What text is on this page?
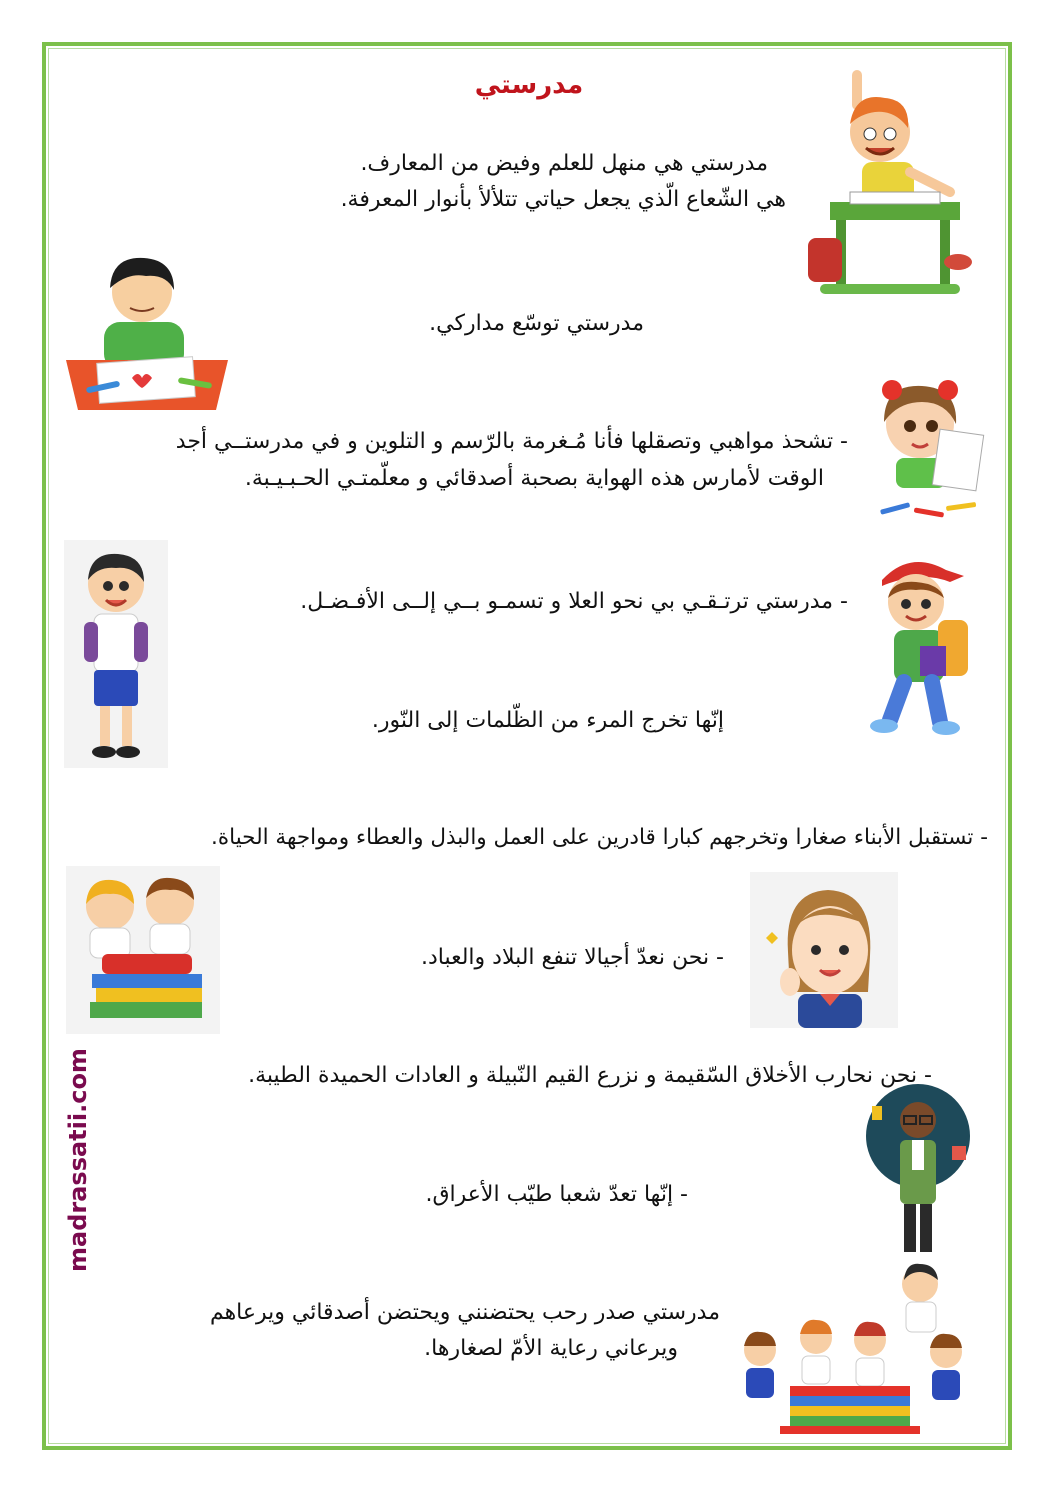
مدرستي
مدرستي هي منهل للعلم وفيض من المعارف.
هي الشّعاع الّذي يجعل حياتي تتلألأ بأنوار المعرفة.
مدرستي توسّع مداركي.
- تشحذ مواهبي وتصقلها فأنا مُـغرمة بالرّسم و التلوين و في مدرستــي أجد
الوقت لأمارس هذه الهواية بصحبة أصدقائي و معلّمتـي الحـبـيـبة.
- مدرستي ترتـقـي بي نحو العلا و تسمـو بــي إلــى الأفـضـل.
إنّها تخرج المرء من الظّلمات إلى النّور.
- تستقبل الأبناء صغارا وتخرجهم كبارا قادرين على العمل والبذل والعطاء ومواجهة الحياة.
- نحن نعدّ أجيالا تنفع البلاد والعباد.
- نحن نحارب الأخلاق السّقيمة و نزرع القيم النّبيلة و العادات الحميدة الطيبة.
- إنّها تعدّ شعبا طيّب الأعراق.
مدرستي صدر رحب يحتضنني ويحتضن أصدقائي ويرعاهم
ويرعاني رعاية الأمّ لصغارها.
madrassatii.com
